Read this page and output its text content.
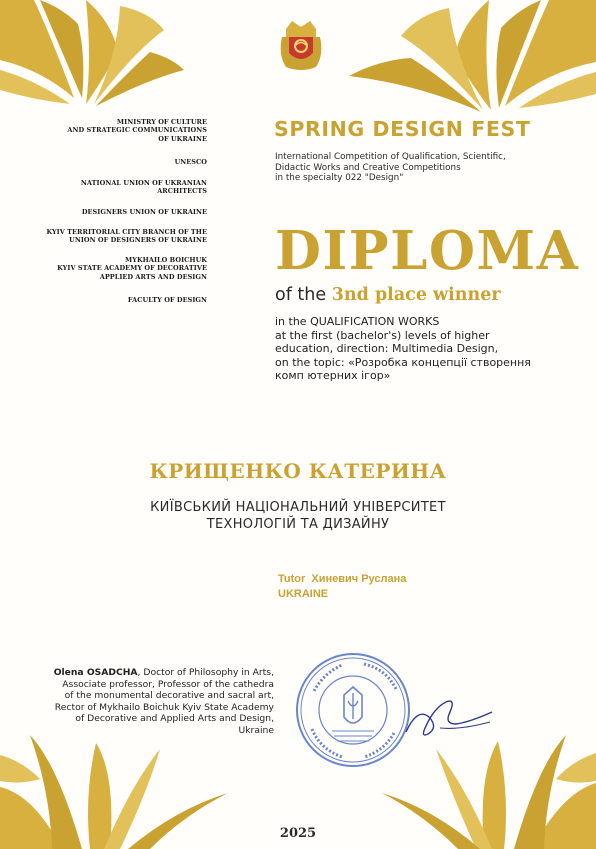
MINISTRY OF CULTURE
AND STRATEGIC COMMUNICATIONS
OF UKRAINE
UNESCO
NATIONAL UNION OF UKRANIAN
ARCHITECTS
DESIGNERS UNION OF UKRAINE
KYIV TERRITORIAL CITY BRANCH OF THE
UNION OF DESIGNERS OF UKRAINE
MYKHAILO BOICHUK
KYIV STATE ACADEMY OF DECORATIVE
APPLIED ARTS AND DESIGN
FACULTY OF DESIGN
SPRING DESIGN FEST
International Competition of Qualification, Scientific,
Didactic Works and Creative Competitions
in the specialty 022 "Design"
DIPLOMA
of the 3nd place winner
in the QUALIFICATION WORKS
at the first (bachelor's) levels of higher
education, direction: Multimedia Design,
on the topic: «Розробка концепції створення
комп ютерних ігор»
КРИЩЕНКО КАТЕРИНА
КИЇВСЬКИЙ НАЦІОНАЛЬНИЙ УНІВЕРСИТЕТ
ТЕХНОЛОГІЙ ТА ДИЗАЙНУ
Tutor  Хиневич Руслана
UKRAINE
Olena OSADCHA, Doctor of Philosophy in Arts,
Associate professor, Professor of the cathedra
of the monumental decorative and sacral art,
Rector of Mykhailo Boichuk Kyiv State Academy
of Decorative and Applied Arts and Design,
Ukraine
2025
